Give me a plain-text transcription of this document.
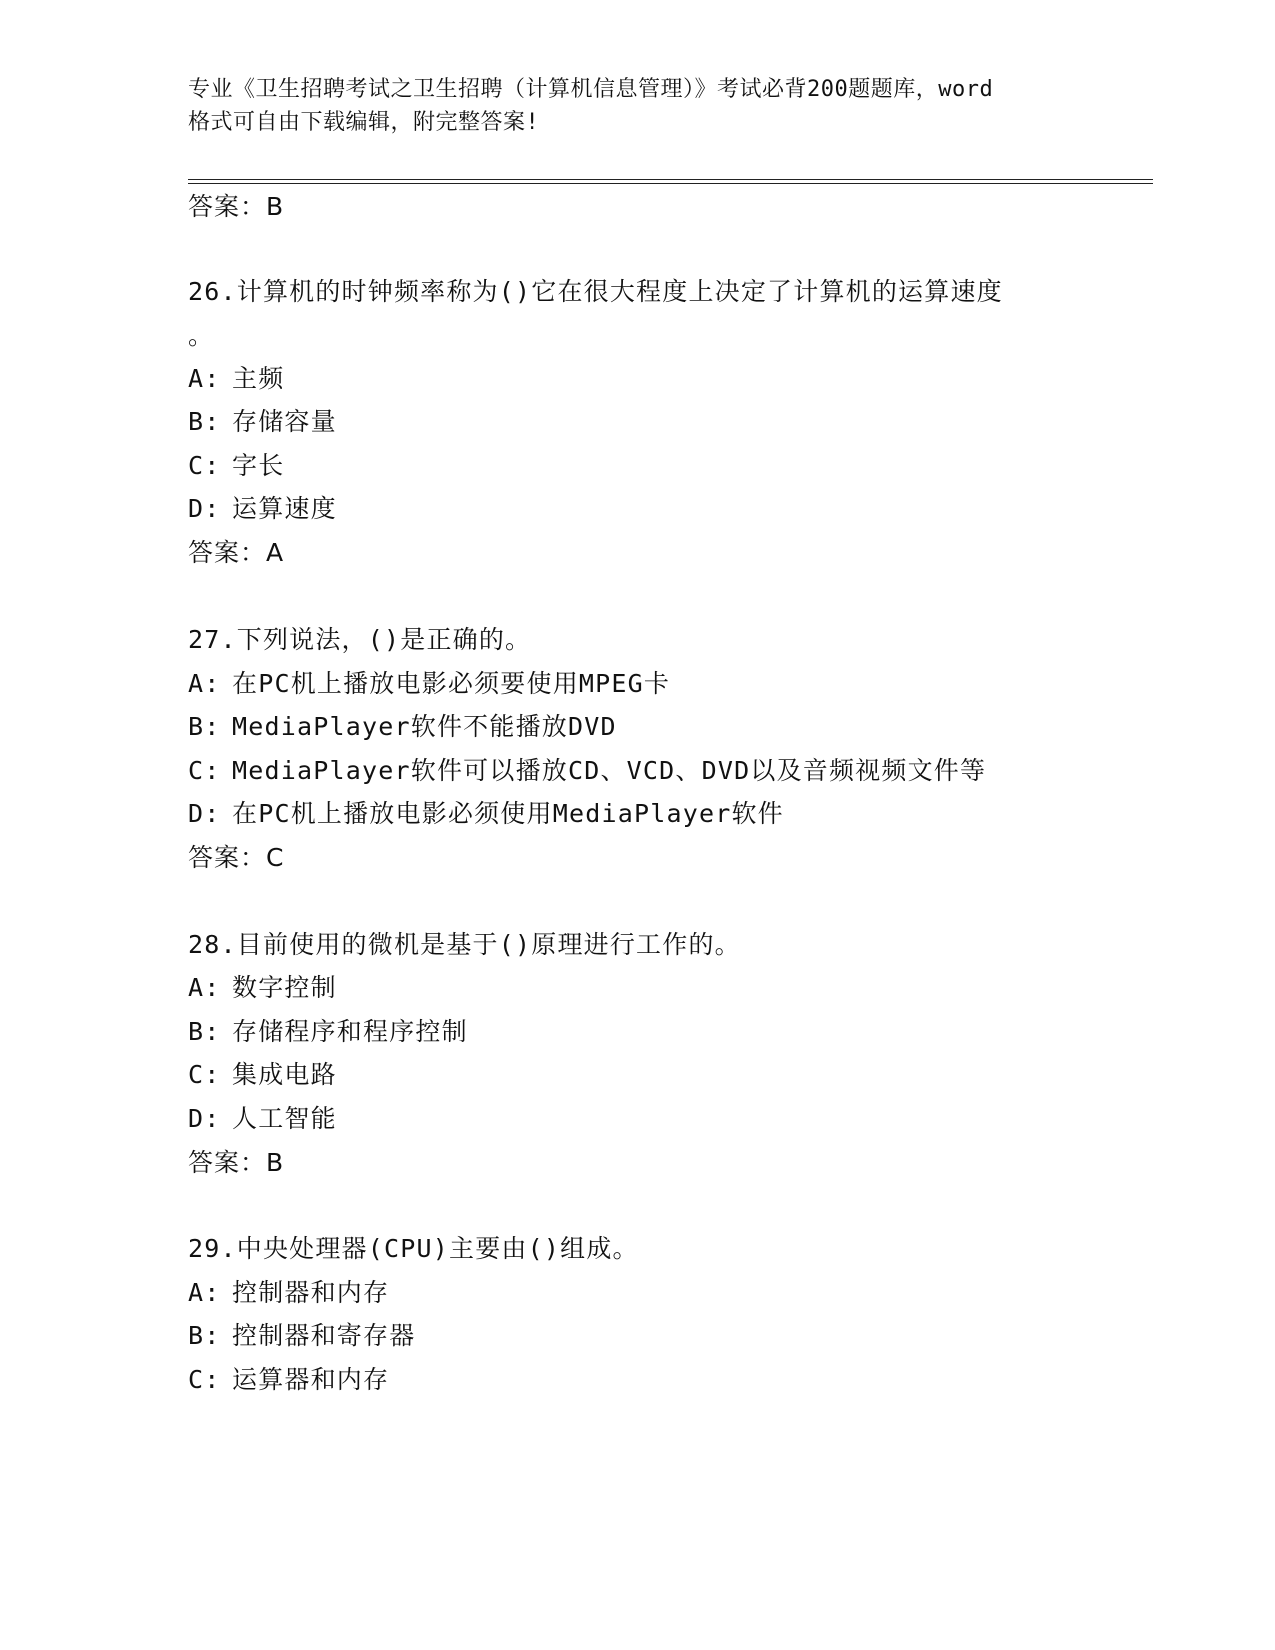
专业《卫生招聘考试之卫生招聘（计算机信息管理）》考试必背200题题库，word
格式可自由下载编辑，附完整答案!
答案：B
26.计算机的时钟频率称为()它在很大程度上决定了计算机的运算速度
。
A: 主频
B: 存储容量
C: 字长
D: 运算速度
答案：A
27.下列说法，()是正确的。
A: 在PC机上播放电影必须要使用MPEG卡
B: MediaPlayer软件不能播放DVD
C: MediaPlayer软件可以播放CD、VCD、DVD以及音频视频文件等
D: 在PC机上播放电影必须使用MediaPlayer软件
答案：C
28.目前使用的微机是基于()原理进行工作的。
A: 数字控制
B: 存储程序和程序控制
C: 集成电路
D: 人工智能
答案：B
29.中央处理器(CPU)主要由()组成。
A: 控制器和内存
B: 控制器和寄存器
C: 运算器和内存
